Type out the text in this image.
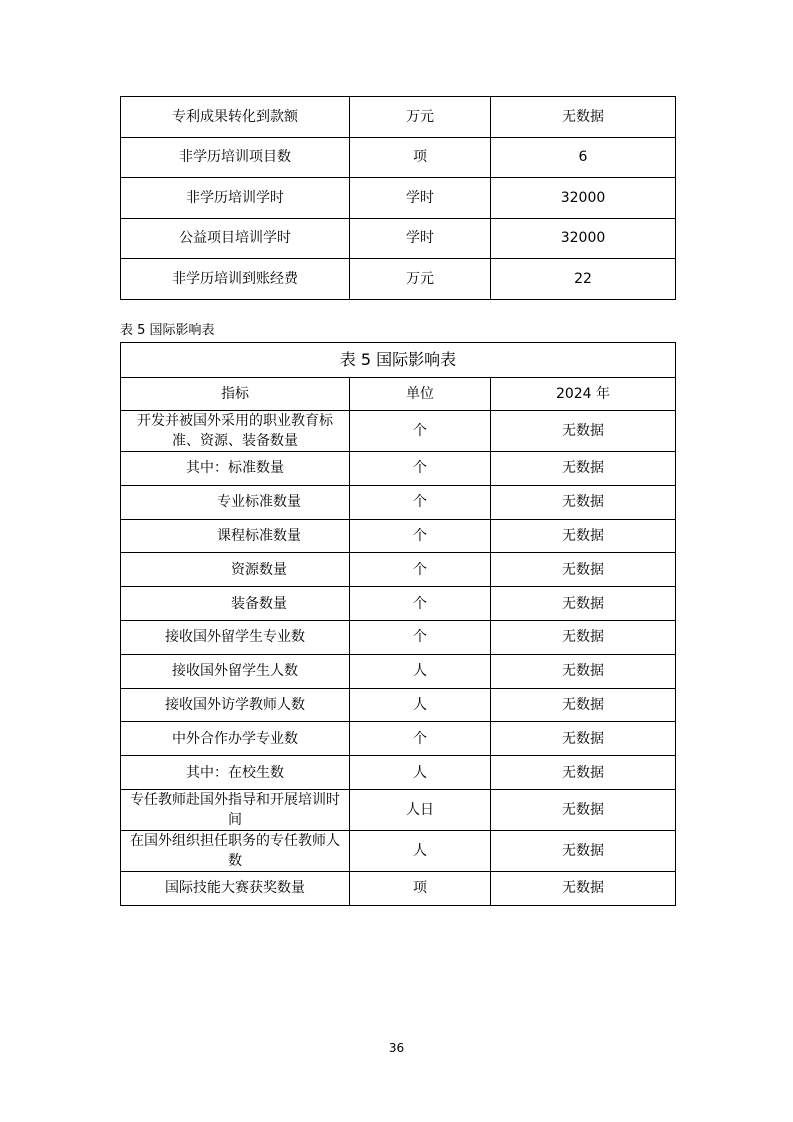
专利成果转化到款额	万元	无数据
非学历培训项目数	项	6
非学历培训学时	学时	32000
公益项目培训学时	学时	32000
非学历培训到账经费	万元	22
表 5 国际影响表
表 5 国际影响表		
指标	单位	2024 年
开发并被国外采用的职业教育标准、资源、装备数量	个	无数据
其中：标准数量	个	无数据
专业标准数量	个	无数据
课程标准数量	个	无数据
资源数量	个	无数据
装备数量	个	无数据
接收国外留学生专业数	个	无数据
接收国外留学生人数	人	无数据
接收国外访学教师人数	人	无数据
中外合作办学专业数	个	无数据
其中：在校生数	人	无数据
专任教师赴国外指导和开展培训时间	人日	无数据
在国外组织担任职务的专任教师人数	人	无数据
国际技能大赛获奖数量	项	无数据
36
